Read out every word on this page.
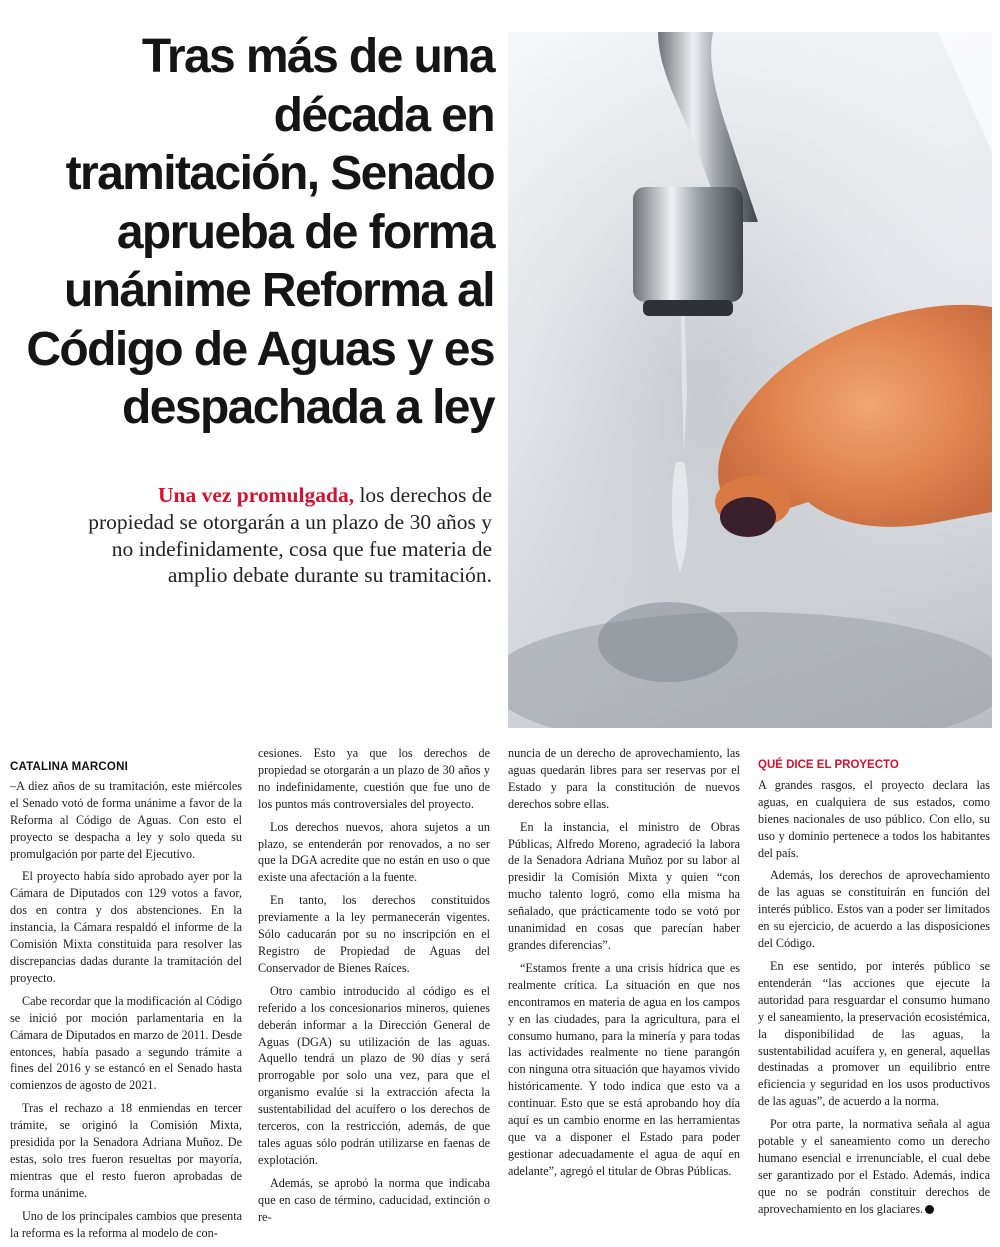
Tras más de una década en tramitación, Senado aprueba de forma unánime Reforma al Código de Aguas y es despachada a ley

Una vez promulgada, los derechos de propiedad se otorgarán a un plazo de 30 años y no indefinidamente, cosa que fue materia de amplio debate durante su tramitación.

CATALINA MARCONI

–A diez años de su tramitación, este miércoles el Senado votó de forma unánime a favor de la Reforma al Código de Aguas. Con esto el proyecto se despacha a ley y solo queda su promulgación por parte del Ejecutivo.

El proyecto había sido aprobado ayer por la Cámara de Diputados con 129 votos a favor, dos en contra y dos abstenciones. En la instancia, la Cámara respaldó el informe de la Comisión Mixta constituida para resolver las discrepancias dadas durante la tramitación del proyecto.

Cabe recordar que la modificación al Código se inició por moción parlamentaria en la Cámara de Diputados en marzo de 2011. Desde entonces, había pasado a segundo trámite a fines del 2016 y se estancó en el Senado hasta comienzos de agosto de 2021.

Tras el rechazo a 18 enmiendas en tercer trámite, se originó la Comisión Mixta, presidida por la Senadora Adriana Muñoz. De estas, solo tres fueron resueltas por mayoría, mientras que el resto fueron aprobadas de forma unánime.

Uno de los principales cambios que presenta la reforma es la reforma al modelo de con-

cesiones. Esto ya que los derechos de propiedad se otorgarán a un plazo de 30 años y no indefinidamente, cuestión que fue uno de los puntos más controversiales del proyecto.

Los derechos nuevos, ahora sujetos a un plazo, se entenderán por renovados, a no ser que la DGA acredite que no están en uso o que existe una afectación a la fuente.

En tanto, los derechos constituidos previamente a la ley permanecerán vigentes. Sólo caducarán por su no inscripción en el Registro de Propiedad de Aguas del Conservador de Bienes Raíces.

Otro cambio introducido al código es el referido a los concesionarios mineros, quienes deberán informar a la Dirección General de Aguas (DGA) su utilización de las aguas. Aquello tendrá un plazo de 90 días y será prorrogable por solo una vez, para que el organismo evalúe si la extracción afecta la sustentabilidad del acuífero o los derechos de terceros, con la restricción, además, de que tales aguas sólo podrán utilizarse en faenas de explotación.

Además, se aprobó la norma que indicaba que en caso de término, caducidad, extinción o re-

nuncia de un derecho de aprovechamiento, las aguas quedarán libres para ser reservas por el Estado y para la constitución de nuevos derechos sobre ellas.

En la instancia, el ministro de Obras Públicas, Alfredo Moreno, agradeció la labora de la Senadora Adriana Muñoz por su labor al presidir la Comisión Mixta y quien “con mucho talento logró, como ella misma ha señalado, que prácticamente todo se votó por unanimidad en cosas que parecían haber grandes diferencias”.

“Estamos frente a una crisis hídrica que es realmente crítica. La situación en que nos encontramos en materia de agua en los campos y en las ciudades, para la agricultura, para el consumo humano, para la minería y para todas las actividades realmente no tiene parangón con ninguna otra situación que hayamos vivido históricamente. Y todo indica que esto va a continuar. Esto que se está aprobando hoy día aquí es un cambio enorme en las herramientas que va a disponer el Estado para poder gestionar adecuadamente el agua de aquí en adelante”, agregó el titular de Obras Públicas.

QUÉ DICE EL PROYECTO

A grandes rasgos, el proyecto declara las aguas, en cualquiera de sus estados, como bienes nacionales de uso público. Con ello, su uso y dominio pertenece a todos los habitantes del país.

Además, los derechos de aprovechamiento de las aguas se constituirán en función del interés público. Estos van a poder ser limitados en su ejercicio, de acuerdo a las disposiciones del Código.

En ese sentido, por interés público se entenderán “las acciones que ejecute la autoridad para resguardar el consumo humano y el saneamiento, la preservación ecosistémica, la disponibilidad de las aguas, la sustentabilidad acuífera y, en general, aquellas destinadas a promover un equilibrio entre eficiencia y seguridad en los usos productivos de las aguas”, de acuerdo a la norma.

Por otra parte, la normativa señala al agua potable y el saneamiento como un derecho humano esencial e irrenunciable, el cual debe ser garantizado por el Estado. Además, indica que no se podrán constituir derechos de aprovechamiento en los glaciares.
